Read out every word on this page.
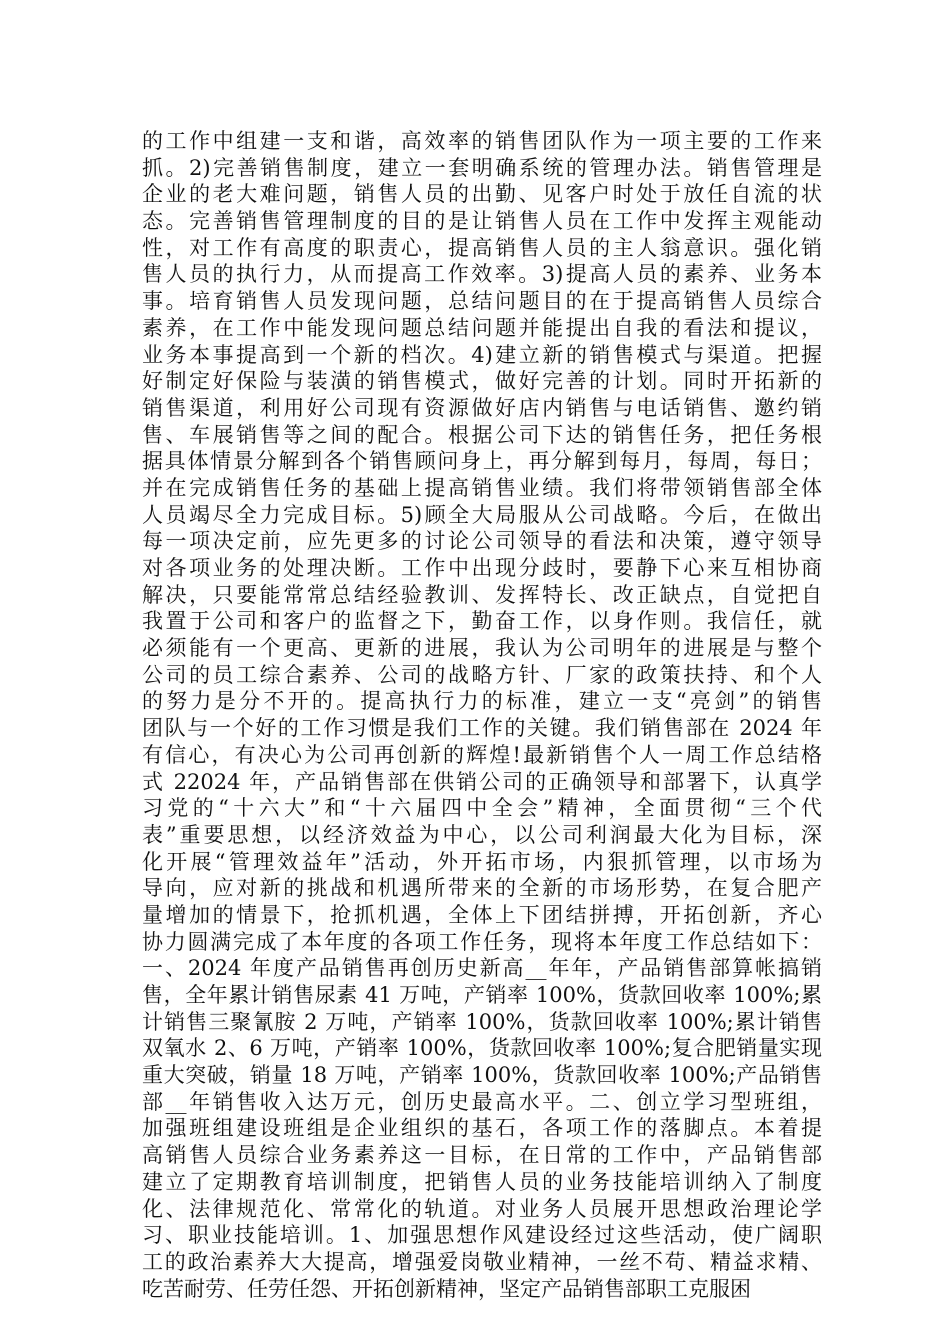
的工作中组建一支和谐，高效率的销售团队作为一项主要的工作来
抓。2)完善销售制度，建立一套明确系统的管理办法。销售管理是
企业的老大难问题，销售人员的出勤、见客户时处于放任自流的状
态。完善销售管理制度的目的是让销售人员在工作中发挥主观能动
性，对工作有高度的职责心，提高销售人员的主人翁意识。强化销
售人员的执行力，从而提高工作效率。3)提高人员的素养、业务本
事。培育销售人员发现问题，总结问题目的在于提高销售人员综合
素养，在工作中能发现问题总结问题并能提出自我的看法和提议，
业务本事提高到一个新的档次。4)建立新的销售模式与渠道。把握
好制定好保险与装潢的销售模式，做好完善的计划。同时开拓新的
销售渠道，利用好公司现有资源做好店内销售与电话销售、邀约销
售、车展销售等之间的配合。根据公司下达的销售任务，把任务根
据具体情景分解到各个销售顾问身上，再分解到每月，每周，每日；
并在完成销售任务的基础上提高销售业绩。我们将带领销售部全体
人员竭尽全力完成目标。5)顾全大局服从公司战略。今后，在做出
每一项决定前，应先更多的讨论公司领导的看法和决策，遵守领导
对各项业务的处理决断。工作中出现分歧时，要静下心来互相协商
解决，只要能常常总结经验教训、发挥特长、改正缺点，自觉把自
我置于公司和客户的监督之下，勤奋工作，以身作则。我信任，就
必须能有一个更高、更新的进展，我认为公司明年的进展是与整个
公司的员工综合素养、公司的战略方针、厂家的政策扶持、和个人
的努力是分不开的。提高执行力的标准，建立一支“亮剑”的销售
团队与一个好的工作习惯是我们工作的关键。我们销售部在 2024 年
有信心，有决心为公司再创新的辉煌!最新销售个人一周工作总结格
式 22024 年，产品销售部在供销公司的正确领导和部署下，认真学
习党的“十六大”和“十六届四中全会”精神，全面贯彻“三个代
表”重要思想，以经济效益为中心，以公司利润最大化为目标，深
化开展“管理效益年”活动，外开拓市场，内狠抓管理，以市场为
导向，应对新的挑战和机遇所带来的全新的市场形势，在复合肥产
量增加的情景下，抢抓机遇，全体上下团结拼搏，开拓创新，齐心
协力圆满完成了本年度的各项工作任务，现将本年度工作总结如下：
一、2024 年度产品销售再创历史新高__年年，产品销售部算帐搞销
售，全年累计销售尿素 41 万吨，产销率 100%，货款回收率 100%;累
计销售三聚氰胺 2 万吨，产销率 100%，货款回收率 100%;累计销售
双氧水 2、6 万吨，产销率 100%，货款回收率 100%;复合肥销量实现
重大突破，销量 18 万吨，产销率 100%，货款回收率 100%;产品销售
部__年销售收入达万元，创历史最高水平。二、创立学习型班组，
加强班组建设班组是企业组织的基石，各项工作的落脚点。本着提
高销售人员综合业务素养这一目标，在日常的工作中，产品销售部
建立了定期教育培训制度，把销售人员的业务技能培训纳入了制度
化、法律规范化、常常化的轨道。对业务人员展开思想政治理论学
习、职业技能培训。1、加强思想作风建设经过这些活动，使广阔职
工的政治素养大大提高，增强爱岗敬业精神，一丝不苟、精益求精、
吃苦耐劳、任劳任怨、开拓创新精神，坚定产品销售部职工克服困
